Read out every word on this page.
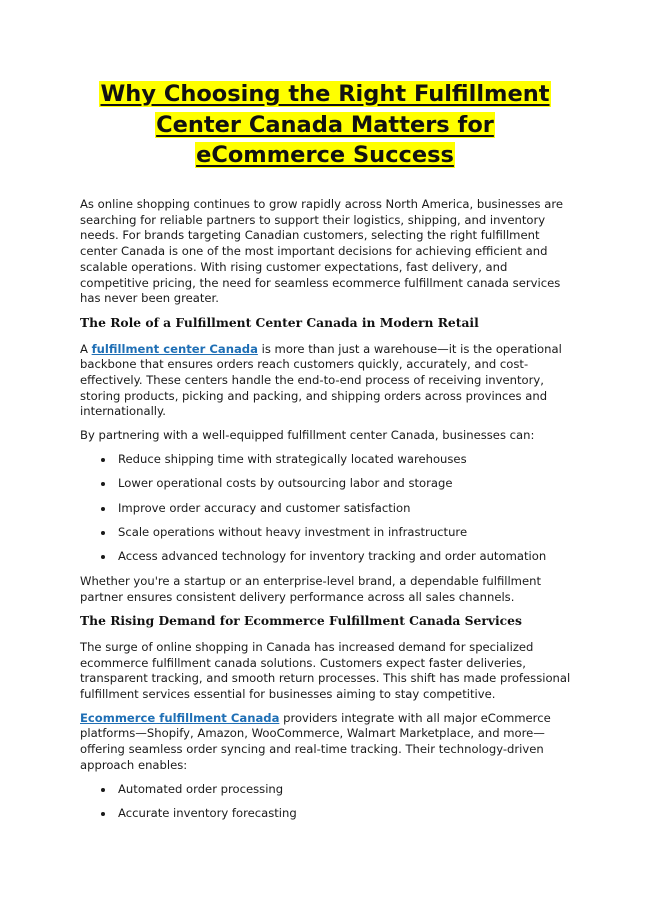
Why Choosing the Right Fulfillment
Center Canada Matters for
eCommerce Success

As online shopping continues to grow rapidly across North America, businesses are searching for reliable partners to support their logistics, shipping, and inventory needs. For brands targeting Canadian customers, selecting the right fulfillment center Canada is one of the most important decisions for achieving efficient and scalable operations. With rising customer expectations, fast delivery, and competitive pricing, the need for seamless ecommerce fulfillment canada services has never been greater.

The Role of a Fulfillment Center Canada in Modern Retail

A fulfillment center Canada is more than just a warehouse—it is the operational backbone that ensures orders reach customers quickly, accurately, and cost-effectively. These centers handle the end-to-end process of receiving inventory, storing products, picking and packing, and shipping orders across provinces and internationally.

By partnering with a well-equipped fulfillment center Canada, businesses can:

Reduce shipping time with strategically located warehouses
Lower operational costs by outsourcing labor and storage
Improve order accuracy and customer satisfaction
Scale operations without heavy investment in infrastructure
Access advanced technology for inventory tracking and order automation

Whether you're a startup or an enterprise-level brand, a dependable fulfillment partner ensures consistent delivery performance across all sales channels.

The Rising Demand for Ecommerce Fulfillment Canada Services

The surge of online shopping in Canada has increased demand for specialized ecommerce fulfillment canada solutions. Customers expect faster deliveries, transparent tracking, and smooth return processes. This shift has made professional fulfillment services essential for businesses aiming to stay competitive.

Ecommerce fulfillment Canada providers integrate with all major eCommerce platforms—Shopify, Amazon, WooCommerce, Walmart Marketplace, and more—offering seamless order syncing and real-time tracking. Their technology-driven approach enables:

Automated order processing
Accurate inventory forecasting
